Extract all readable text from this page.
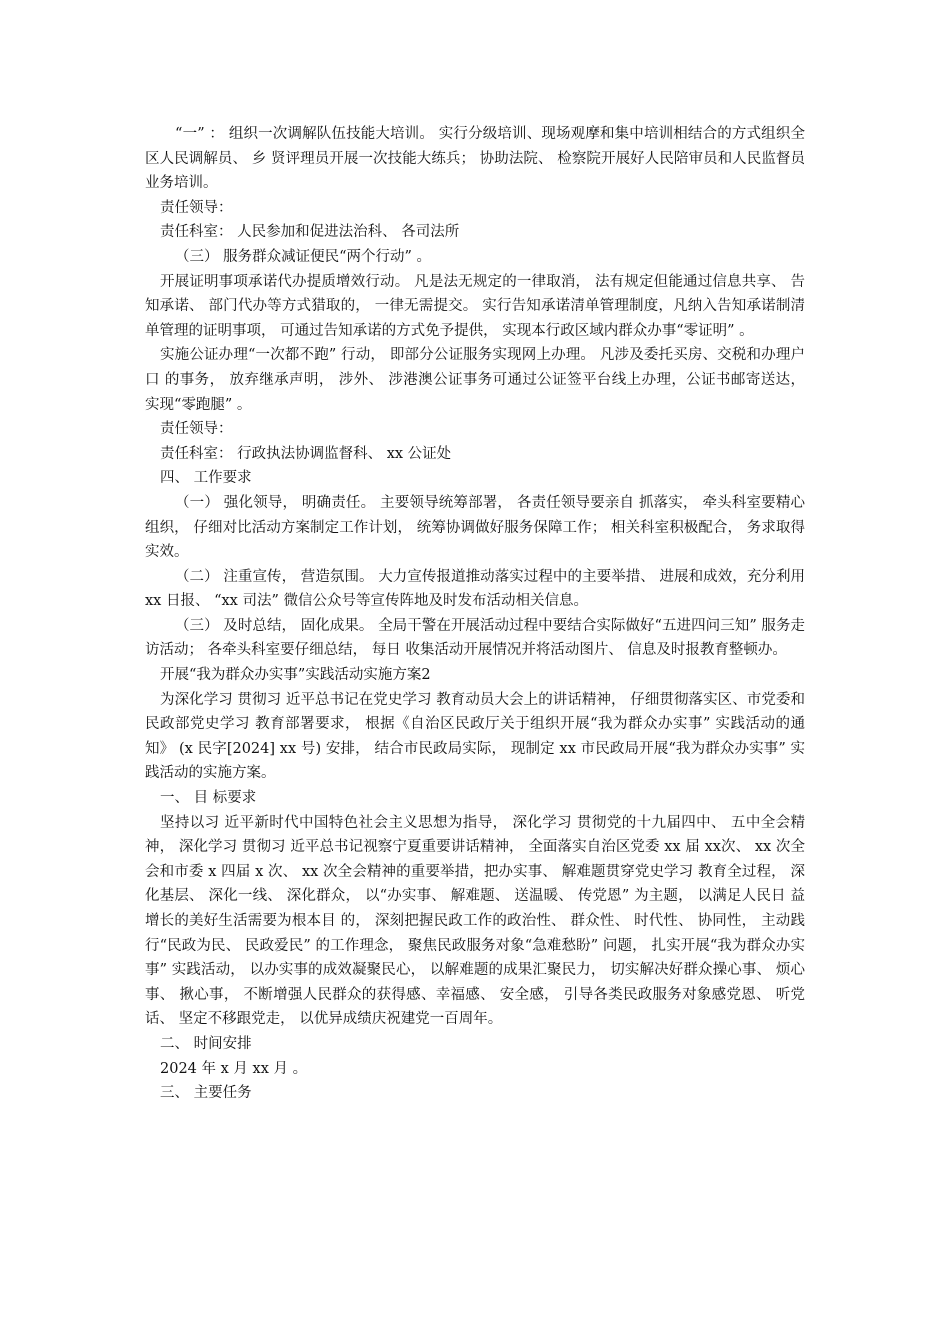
“一” ： 组织一次调解队伍技能大培训。 实行分级培训、现场观摩和集中培训相结合的方式组织全区人民调解员、 乡 贤评理员开展一次技能大练兵； 协助法院、 检察院开展好人民陪审员和人民监督员业务培训。

责任领导：

责任科室： 人民参加和促进法治科、 各司法所

（三） 服务群众减证便民“两个行动” 。

开展证明事项承诺代办提质增效行动。 凡是法无规定的一律取消， 法有规定但能通过信息共享、 告知承诺、 部门代办等方式猎取的， 一律无需提交。 实行告知承诺清单管理制度，凡纳入告知承诺制清单管理的证明事项， 可通过告知承诺的方式免予提供， 实现本行政区域内群众办事“零证明” 。

实施公证办理“一次都不跑” 行动， 即部分公证服务实现网上办理。 凡涉及委托买房、交税和办理户 口 的事务， 放弃继承声明， 涉外、 涉港澳公证事务可通过公证签平台线上办理，公证书邮寄送达， 实现“零跑腿” 。

责任领导：

责任科室： 行政执法协调监督科、 xx 公证处

四、 工作要求

（一） 强化领导， 明确责任。 主要领导统筹部署， 各责任领导要亲自 抓落实， 牵头科室要精心组织， 仔细对比活动方案制定工作计划， 统筹协调做好服务保障工作； 相关科室积极配合， 务求取得实效。

（二） 注重宣传， 营造氛围。 大力宣传报道推动落实过程中的主要举措、 进展和成效，充分利用 xx 日报、 “xx 司法” 微信公众号等宣传阵地及时发布活动相关信息。

（三） 及时总结， 固化成果。 全局干警在开展活动过程中要结合实际做好“五进四问三知” 服务走访活动； 各牵头科室要仔细总结， 每日 收集活动开展情况并将活动图片、 信息及时报教育整顿办。

开展“我为群众办实事”实践活动实施方案2

为深化学习 贯彻习 近平总书记在党史学习 教育动员大会上的讲话精神， 仔细贯彻落实区、市党委和民政部党史学习 教育部署要求， 根据《自治区民政厅关于组织开展“我为群众办实事” 实践活动的通知》 (x 民字[2024] xx 号) 安排， 结合市民政局实际， 现制定 xx 市民政局开展“我为群众办实事” 实践活动的实施方案。

一、 目 标要求

坚持以习 近平新时代中国特色社会主义思想为指导， 深化学习 贯彻党的十九届四中、 五中全会精神， 深化学习 贯彻习 近平总书记视察宁夏重要讲话精神， 全面落实自治区党委 xx 届 xx次、 xx 次全会和市委 x 四届 x 次、 xx 次全会精神的重要举措，把办实事、 解难题贯穿党史学习 教育全过程， 深化基层、 深化一线、 深化群众， 以“办实事、 解难题、 送温暖、 传党恩” 为主题， 以满足人民日 益增长的美好生活需要为根本目 的， 深刻把握民政工作的政治性、 群众性、 时代性、 协同性， 主动践行“民政为民、 民政爱民” 的工作理念， 聚焦民政服务对象“急难愁盼” 问题， 扎实开展“我为群众办实事” 实践活动， 以办实事的成效凝聚民心， 以解难题的成果汇聚民力， 切实解决好群众操心事、 烦心事、 揪心事， 不断增强人民群众的获得感、幸福感、 安全感， 引导各类民政服务对象感党恩、 听党话、 坚定不移跟党走， 以优异成绩庆祝建党一百周年。

二、 时间安排

2024 年 x 月 xx 月 。

三、 主要任务
